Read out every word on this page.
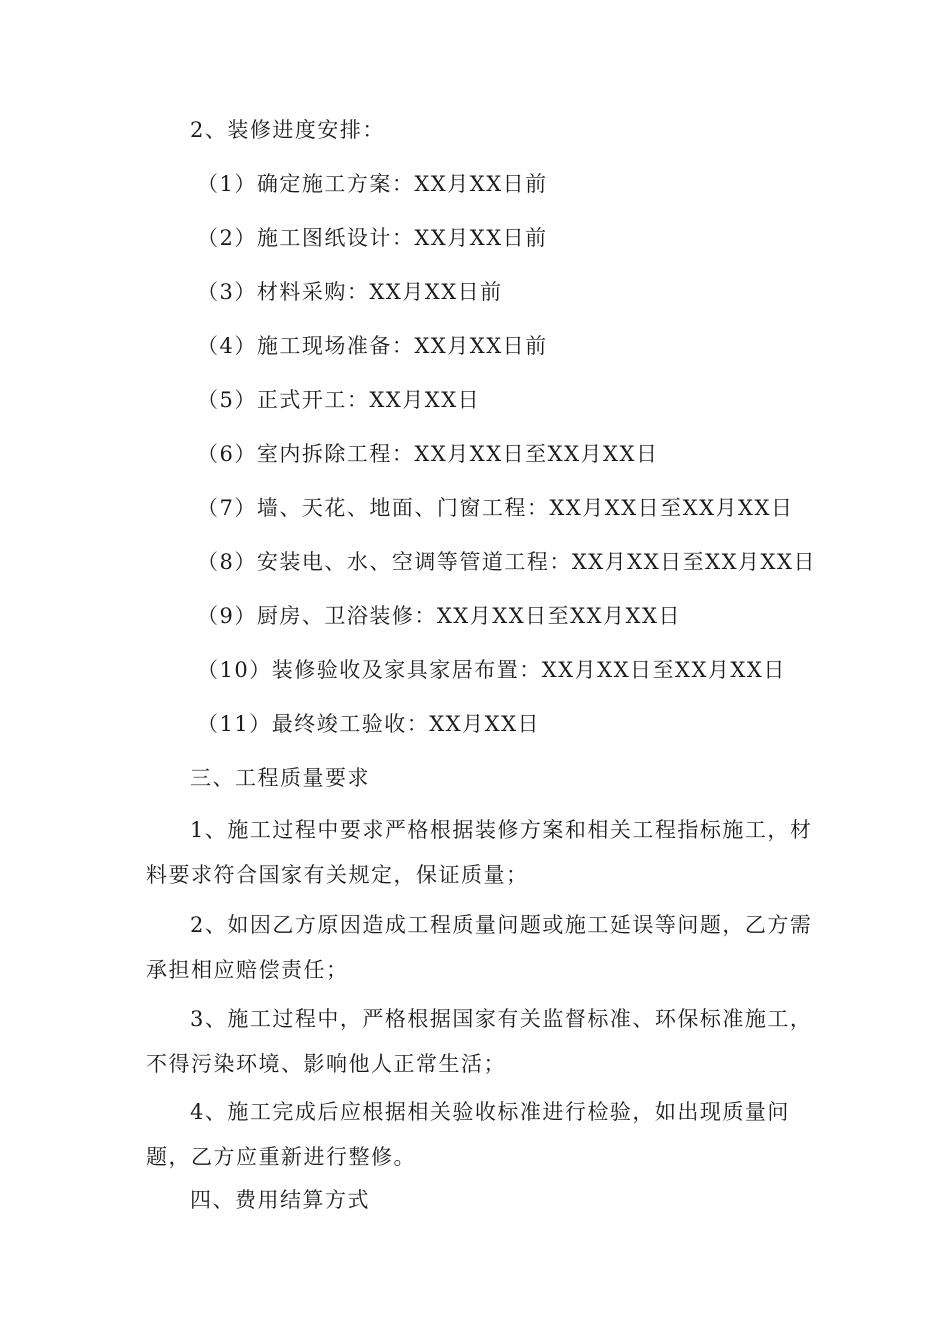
2、装修进度安排：
（1）确定施工方案：XX月XX日前
（2）施工图纸设计：XX月XX日前
（3）材料采购：XX月XX日前
（4）施工现场准备：XX月XX日前
（5）正式开工：XX月XX日
（6）室内拆除工程：XX月XX日至XX月XX日
（7）墙、天花、地面、门窗工程：XX月XX日至XX月XX日
（8）安装电、水、空调等管道工程：XX月XX日至XX月XX日
（9）厨房、卫浴装修：XX月XX日至XX月XX日
（10）装修验收及家具家居布置：XX月XX日至XX月XX日
（11）最终竣工验收：XX月XX日
三、工程质量要求
1、施工过程中要求严格根据装修方案和相关工程指标施工，材料要求符合国家有关规定，保证质量；
2、如因乙方原因造成工程质量问题或施工延误等问题，乙方需承担相应赔偿责任；
3、施工过程中，严格根据国家有关监督标准、环保标准施工，不得污染环境、影响他人正常生活；
4、施工完成后应根据相关验收标准进行检验，如出现质量问题，乙方应重新进行整修。
四、费用结算方式
